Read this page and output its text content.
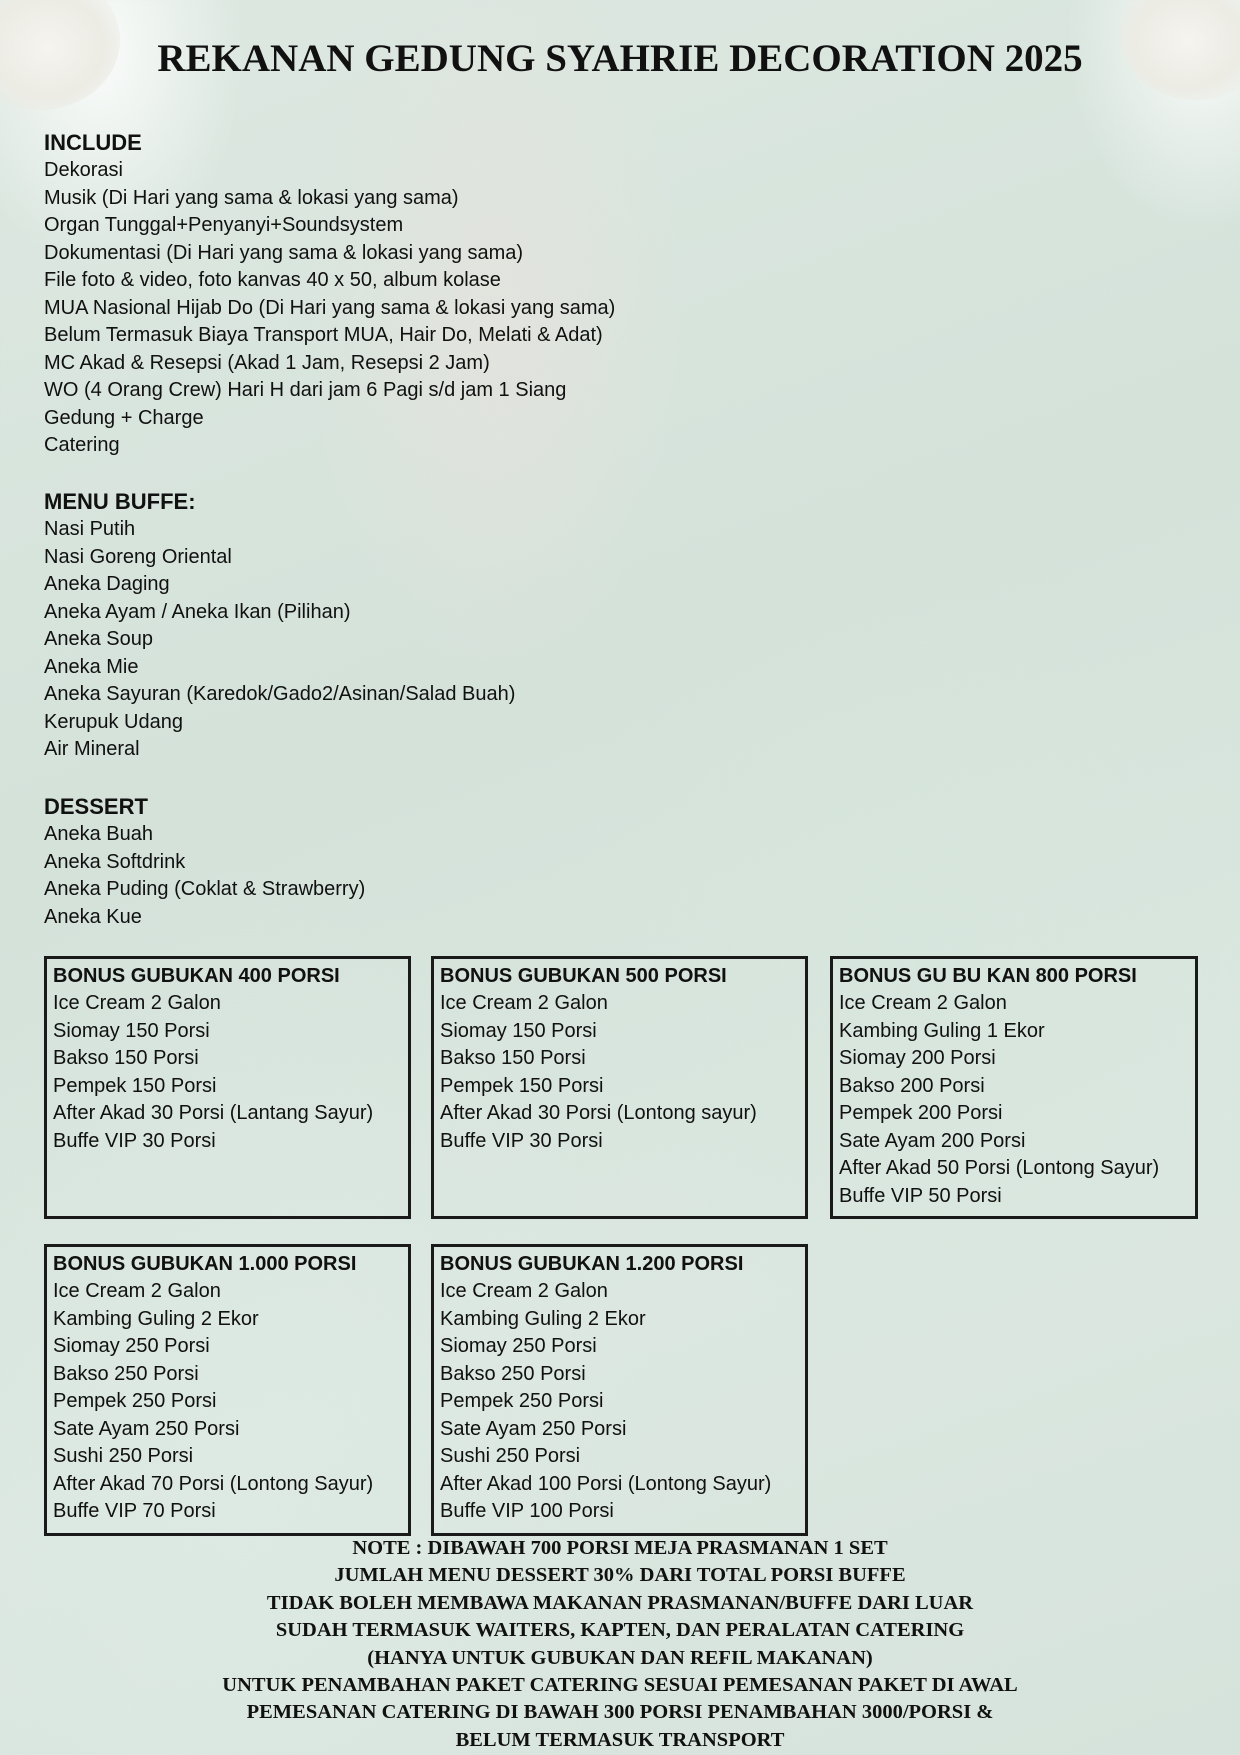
REKANAN GEDUNG SYAHRIE DECORATION 2025
INCLUDE
Dekorasi
Musik (Di Hari yang sama & lokasi yang sama)
Organ Tunggal+Penyanyi+Soundsystem
Dokumentasi (Di Hari yang sama & lokasi yang sama)
File foto & video, foto kanvas 40 x 50, album kolase
MUA Nasional Hijab Do (Di Hari yang sama & lokasi yang sama)
Belum Termasuk Biaya Transport MUA, Hair Do, Melati & Adat)
MC Akad & Resepsi (Akad 1 Jam, Resepsi 2 Jam)
WO (4 Orang Crew) Hari H dari jam 6 Pagi s/d jam 1 Siang
Gedung + Charge
Catering
MENU BUFFE:
Nasi Putih
Nasi Goreng Oriental
Aneka Daging
Aneka Ayam / Aneka Ikan (Pilihan)
Aneka Soup
Aneka Mie
Aneka Sayuran (Karedok/Gado2/Asinan/Salad Buah)
Kerupuk Udang
Air Mineral
DESSERT
Aneka Buah
Aneka Softdrink
Aneka Puding (Coklat & Strawberry)
Aneka Kue
BONUS GUBUKAN 400 PORSI
Ice Cream 2 Galon
Siomay 150 Porsi
Bakso 150 Porsi
Pempek 150 Porsi
After Akad 30 Porsi (Lantang Sayur)
Buffe VIP 30 Porsi
BONUS GUBUKAN 500 PORSI
Ice Cream 2 Galon
Siomay 150 Porsi
Bakso 150 Porsi
Pempek 150 Porsi
After Akad 30 Porsi (Lontong sayur)
Buffe VIP 30 Porsi
BONUS GU BU KAN 800 PORSI
Ice Cream 2 Galon
Kambing Guling 1 Ekor
Siomay 200 Porsi
Bakso 200 Porsi
Pempek 200 Porsi
Sate Ayam 200 Porsi
After Akad 50 Porsi (Lontong Sayur)
Buffe VIP 50 Porsi
BONUS GUBUKAN 1.000 PORSI
Ice Cream 2 Galon
Kambing Guling 2 Ekor
Siomay 250 Porsi
Bakso 250 Porsi
Pempek 250 Porsi
Sate Ayam 250 Porsi
Sushi 250 Porsi
After Akad 70 Porsi (Lontong Sayur)
Buffe VIP 70 Porsi
BONUS GUBUKAN 1.200 PORSI
Ice Cream 2 Galon
Kambing Guling 2 Ekor
Siomay 250 Porsi
Bakso 250 Porsi
Pempek 250 Porsi
Sate Ayam 250 Porsi
Sushi 250 Porsi
After Akad 100 Porsi (Lontong Sayur)
Buffe VIP 100 Porsi
NOTE : DIBAWAH 700 PORSI MEJA PRASMANAN 1 SET
JUMLAH MENU DESSERT 30% DARI TOTAL PORSI BUFFE
TIDAK BOLEH MEMBAWA MAKANAN PRASMANAN/BUFFE DARI LUAR
SUDAH TERMASUK WAITERS, KAPTEN, DAN PERALATAN CATERING
(HANYA UNTUK GUBUKAN DAN REFIL MAKANAN)
UNTUK PENAMBAHAN PAKET CATERING SESUAI PEMESANAN PAKET DI AWAL
PEMESANAN CATERING DI BAWAH 300 PORSI PENAMBAHAN 3000/PORSI &
BELUM TERMASUK TRANSPORT
